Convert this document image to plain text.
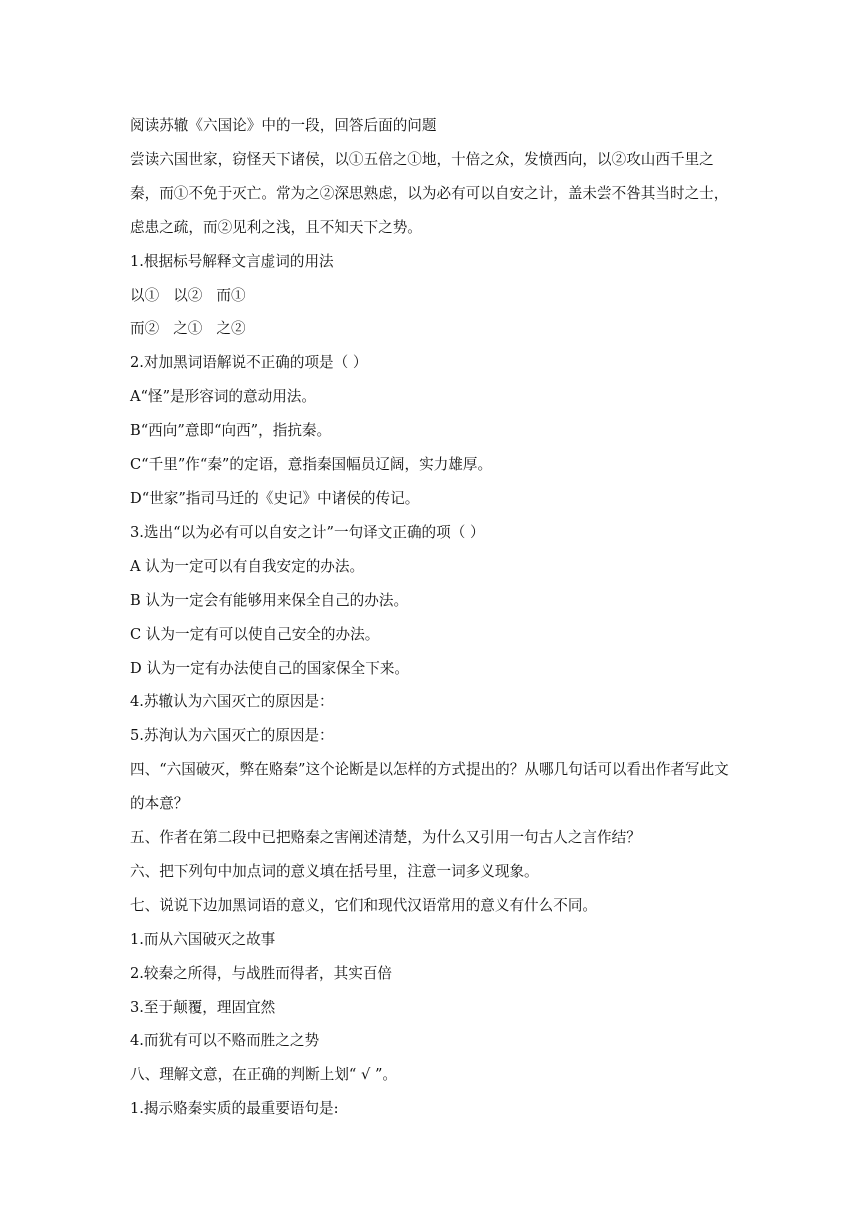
阅读苏辙《六国论》中的一段，回答后面的问题

尝读六国世家，窃怪天下诸侯，以①五倍之①地，十倍之众，发愤西向，以②攻山西千里之秦，而①不免于灭亡。常为之②深思熟虑，以为必有可以自安之计，盖未尝不咎其当时之士，虑患之疏，而②见利之浅，且不知天下之势。

1.根据标号解释文言虚词的用法

以① 以② 而①

而② 之① 之②

2.对加黑词语解说不正确的项是（ ）

A“怪”是形容词的意动用法。

B“西向”意即“向西”，指抗秦。

C“千里”作“秦”的定语，意指秦国幅员辽阔，实力雄厚。

D“世家”指司马迁的《史记》中诸侯的传记。

3.选出“以为必有可以自安之计”一句译文正确的项（ ）

A 认为一定可以有自我安定的办法。

B 认为一定会有能够用来保全自己的办法。

C 认为一定有可以使自己安全的办法。

D 认为一定有办法使自己的国家保全下来。

4.苏辙认为六国灭亡的原因是：

5.苏洵认为六国灭亡的原因是：

四、“六国破灭，弊在赂秦”这个论断是以怎样的方式提出的？从哪几句话可以看出作者写此文的本意？

五、作者在第二段中已把赂秦之害阐述清楚，为什么又引用一句古人之言作结？

六、把下列句中加点词的意义填在括号里，注意一词多义现象。

七、说说下边加黑词语的意义，它们和现代汉语常用的意义有什么不同。

1.而从六国破灭之故事

2.较秦之所得，与战胜而得者，其实百倍

3.至于颠覆，理固宜然

4.而犹有可以不赂而胜之之势

八、理解文意，在正确的判断上划“ √ ”。

1.揭示赂秦实质的最重要语句是:
